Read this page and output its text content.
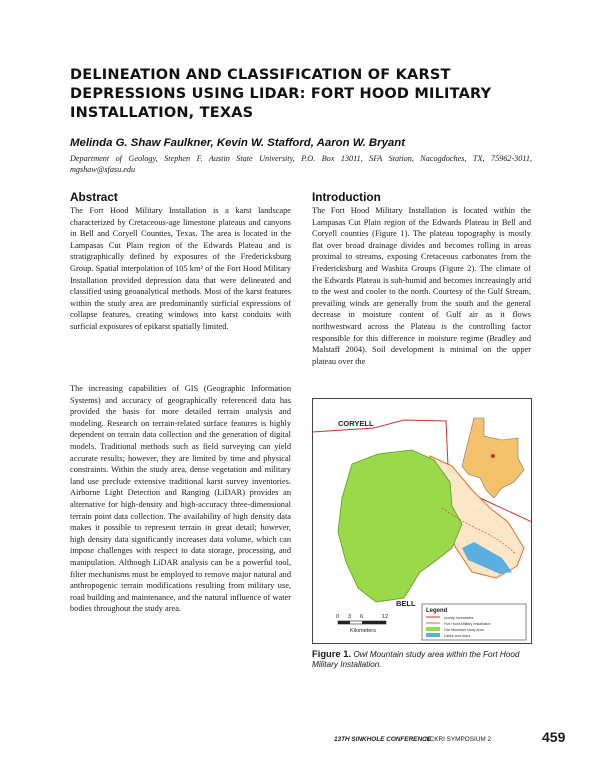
DELINEATION AND CLASSIFICATION OF KARST DEPRESSIONS USING LIDAR: FORT HOOD MILITARY INSTALLATION, TEXAS
Melinda G. Shaw Faulkner, Kevin W. Stafford, Aaron W. Bryant
Department of Geology, Stephen F. Austin State University, P.O. Box 13011, SFA Station, Nacogdoches, TX, 75962-3011, mgshaw@sfasu.edu
Abstract

The Fort Hood Military Installation is a karst landscape characterized by Cretaceous-age limestone plateaus and canyons in Bell and Coryell Counties, Texas. The area is located in the Lampasas Cut Plain region of the Edwards Plateau and is stratigraphically defined by exposures of the Fredericksburg Group. Spatial interpolation of 105 km² of the Fort Hood Military Installation provided depression data that were delineated and classified using geoanalytical methods. Most of the karst features within the study area are predominantly surficial expressions of collapse features, creating windows into karst conduits with surficial exposures of epikarst spatially limited.

The increasing capabilities of GIS (Geographic Information Systems) and accuracy of geographically referenced data has provided the basis for more detailed terrain analysis and modeling. Research on terrain-related surface features is highly dependent on terrain data collection and the generation of digital models. Traditional methods such as field surveying can yield accurate results; however, they are limited by time and physical constraints. Within the study area, dense vegetation and military land use preclude extensive traditional karst survey inventories. Airborne Light Detection and Ranging (LiDAR) provides an alternative for high-density and high-accuracy three-dimensional terrain point data collection. The availability of high density data makes it possible to represent terrain in great detail; however, high density data significantly increases data volume, which can impose challenges with respect to data storage, processing, and manipulation. Although LiDAR analysis can be a powerful tool, filter mechanisms must be employed to remove major natural and anthropogenic terrain modifications resulting from military use, road building and maintenance, and the natural influence of water bodies throughout the study area.

Introduction

The Fort Hood Military Installation is located within the Lampasas Cut Plain region of the Edwards Plateau in Bell and Coryell counties (Figure 1). The plateau topography is mostly flat over broad drainage divides and becomes rolling in areas proximal to streams, exposing Cretaceous carbonates from the Fredericksburg and Washita Groups (Figure 2). The climate of the Edwards Plateau is sub-humid and becomes increasingly arid to the west and cooler to the north. Courtesy of the Gulf Stream, prevailing winds are generally from the south and the general decrease in moisture content of Gulf air as it flows northwestward across the Plateau is the controlling factor responsible for this difference in moisture regime (Bradley and Malstaff 2004). Soil development is minimal on the upper plateau over the

CORYELL
BELL
0 3 6	12
Kilometers
Legend
county boundaries
Fort Hood Military Installation
Owl Mountain study area
Lakes and rivers
Figure 1. Owl Mountain study area within the Fort Hood Military Installation.
13TH SINKHOLE CONFERENCE
NCKRI SYMPOSIUM 2	459
